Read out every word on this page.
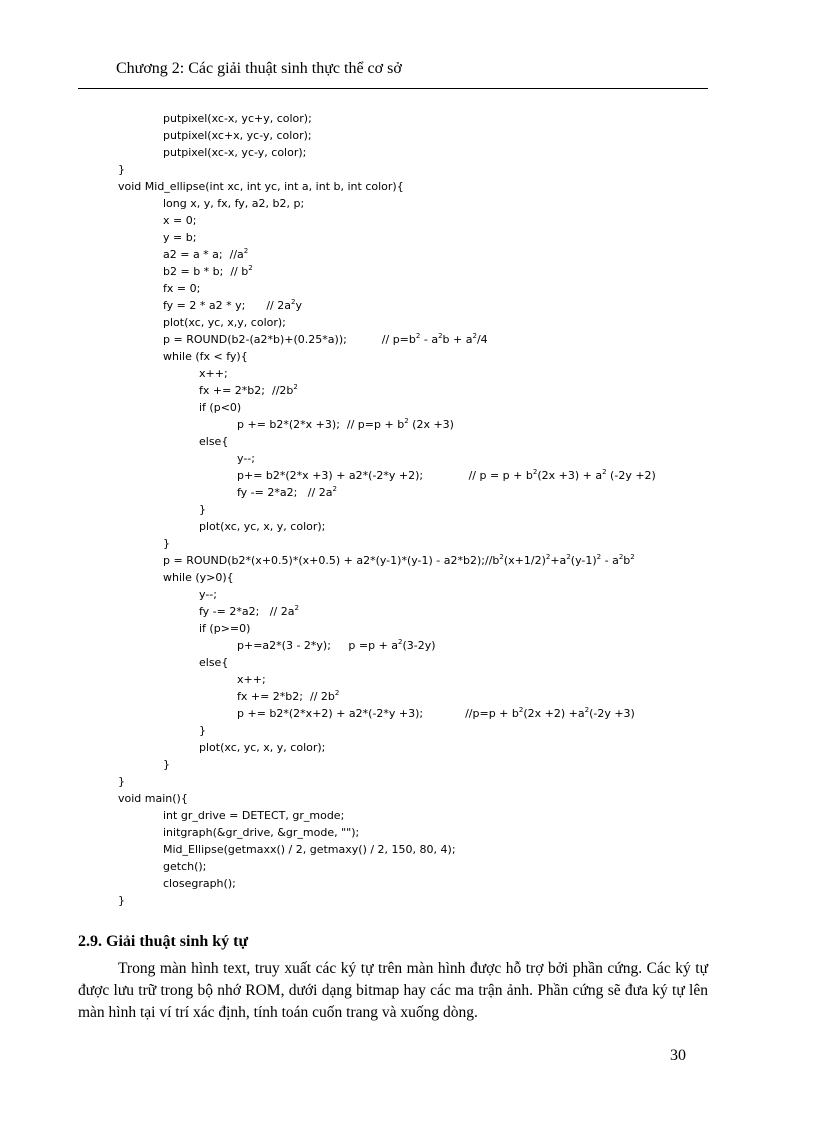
Chương 2: Các giải thuật sinh thực thể cơ sở
putpixel(xc-x, yc+y, color);
putpixel(xc+x, yc-y, color);
putpixel(xc-x, yc-y, color);
}
void Mid_ellipse(int xc, int yc, int a, int b, int color){
long x, y, fx, fy, a2, b2, p;
x = 0;
y = b;
a2 = a * a;  $//a^2$
b2 = b * b;  // $b^2$
fx = 0;
fy = 2 * a2 * y;      // $2a^2y$
plot(xc, yc, x,y, color);
p = ROUND(b2-(a2*b)+(0.25*a));          // $p=b^2 - a^2b + a^2/4$
while (fx < fy){
x++;
fx += 2*b2;  $//2b^2$
if (p<0)
p += b2*(2*x +3);  // $p=p + b^2$ (2x +3)
else{
y--;
p+= b2*(2*x +3) + a2*(-2*y +2);             // $p = p + b^2(2x +3) + a^2$ (-2y +2)
fy -= 2*a2;   // $2a^2$
}
plot(xc, yc, x, y, color);
}
p = ROUND(b2*(x+0.5)*(x+0.5) + $a2*(y-1)*(y-1) - a2*b2);//b^2(x+1/2)^2+a^2(y-1)^2 - a^2b^2$
while (y>0){
y--;
fy -= 2*a2;   // $2a^2$
if (p>=0)
p+=a2*(3 - 2*y);     $p =p + a^2(3-2y)$
else{
x++;
fx += 2*b2;  // $2b^2$
p += b2*(2*x+2) + a2*(-2*y +3);            $//p=p + b^2(2x +2) +a^2(-2y +3)$
}
plot(xc, yc, x, y, color);
}
}
void main(){
int gr_drive = DETECT, gr_mode;
initgraph(&gr_drive, &gr_mode, "");
Mid_Ellipse(getmaxx() / 2, getmaxy() / 2, 150, 80, 4);
getch();
closegraph();
}
2.9. Giải thuật sinh ký tự

Trong màn hình text, truy xuất các ký tự trên màn hình được hỗ trợ bởi phần cứng. Các ký tự được lưu trữ trong bộ nhớ ROM, dưới dạng bitmap hay các ma trận ảnh. Phần cứng sẽ đưa ký tự lên màn hình tại ví trí xác định, tính toán cuốn trang và xuống dòng.

30
